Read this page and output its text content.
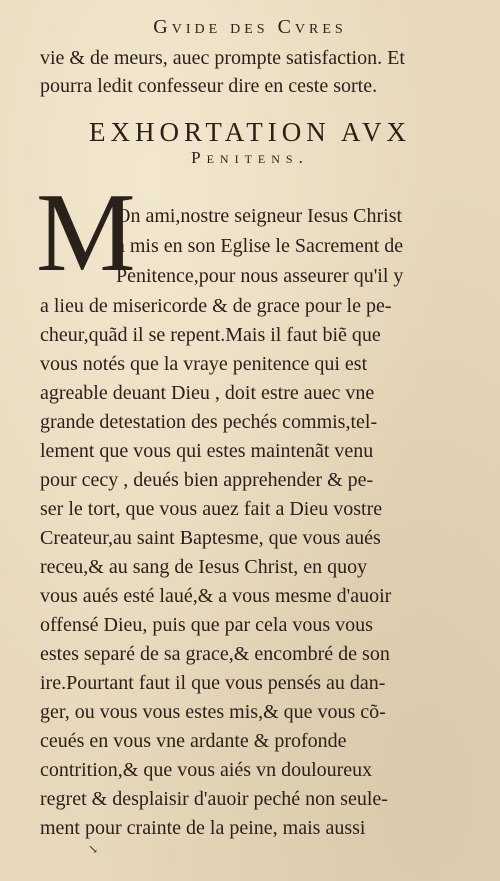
Gvide des Cvres
vie & de meurs, auec prompte satisfaction. Et
pourra ledit confesseur dire en ceste sorte.
EXHORTATION AVX
Penitens.
M
On ami,nostre seigneur Iesus Christ
a mis en son Eglise le Sacrement de
Penitence,pour nous asseurer qu'il y
a lieu de misericorde & de grace pour le pe-
cheur,quãd il se repent.Mais il faut biẽ que
vous notés que la vraye penitence qui est
agreable deuant Dieu , doit estre auec vne
grande detestation des pechés commis,tel-
lement que vous qui estes maintenãt venu
pour cecy , deués bien apprehender & pe-
ser le tort, que vous auez fait a Dieu vostre
Createur,au saint Baptesme, que vous aués
receu,& au sang de Iesus Christ, en quoy
vous aués esté laué,& a vous mesme d'auoir
offensé Dieu, puis que par cela vous vous
estes separé de sa grace,& encombré de son
ire.Pourtant faut il que vous pensés au dan-
ger, ou vous vous estes mis,& que vous cõ-
ceués en vous vne ardante & profonde
contrition,& que vous aiés vn douloureux
regret & desplaisir d'auoir peché non seule-
ment pour crainte de la peine, mais aussi
↘
